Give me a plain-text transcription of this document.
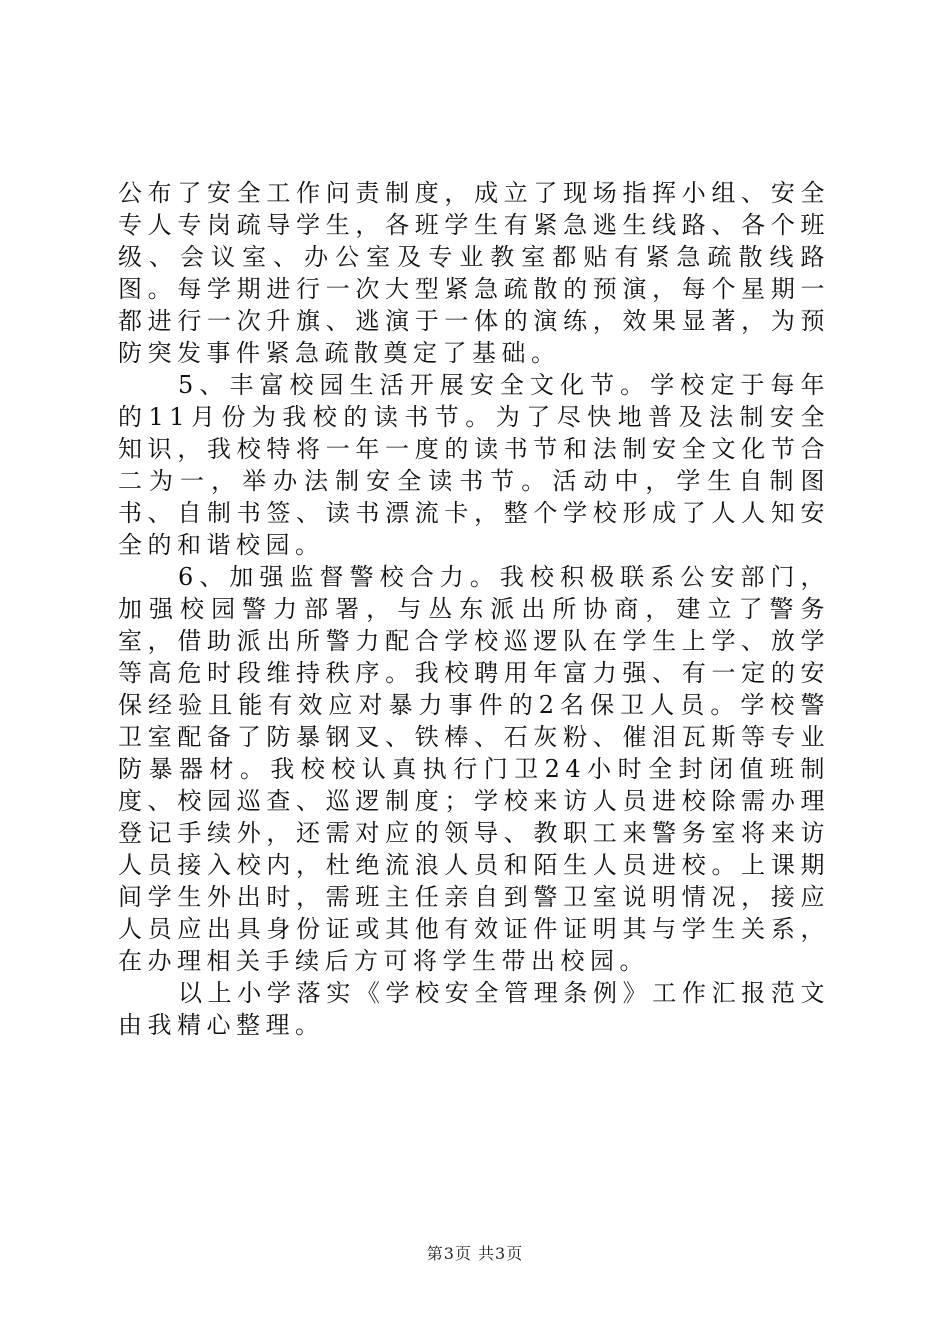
公布了安全工作问责制度，成立了现场指挥小组、安全专人专岗疏导学生，各班学生有紧急逃生线路、各个班级、会议室、办公室及专业教室都贴有紧急疏散线路图。每学期进行一次大型紧急疏散的预演，每个星期一都进行一次升旗、逃演于一体的演练，效果显著，为预防突发事件紧急疏散奠定了基础。

5、丰富校园生活开展安全文化节。学校定于每年的11月份为我校的读书节。为了尽快地普及法制安全知识，我校特将一年一度的读书节和法制安全文化节合二为一，举办法制安全读书节。活动中，学生自制图书、自制书签、读书漂流卡，整个学校形成了人人知安全的和谐校园。

6、加强监督警校合力。我校积极联系公安部门，加强校园警力部署，与丛东派出所协商，建立了警务室，借助派出所警力配合学校巡逻队在学生上学、放学等高危时段维持秩序。我校聘用年富力强、有一定的安保经验且能有效应对暴力事件的2名保卫人员。学校警卫室配备了防暴钢叉、铁棒、石灰粉、催泪瓦斯等专业防暴器材。我校校认真执行门卫24小时全封闭值班制度、校园巡查、巡逻制度；学校来访人员进校除需办理登记手续外，还需对应的领导、教职工来警务室将来访人员接入校内，杜绝流浪人员和陌生人员进校。上课期间学生外出时，需班主任亲自到警卫室说明情况，接应人员应出具身份证或其他有效证件证明其与学生关系，在办理相关手续后方可将学生带出校园。

以上小学落实《学校安全管理条例》工作汇报范文由我精心整理。

第3页 共3页
